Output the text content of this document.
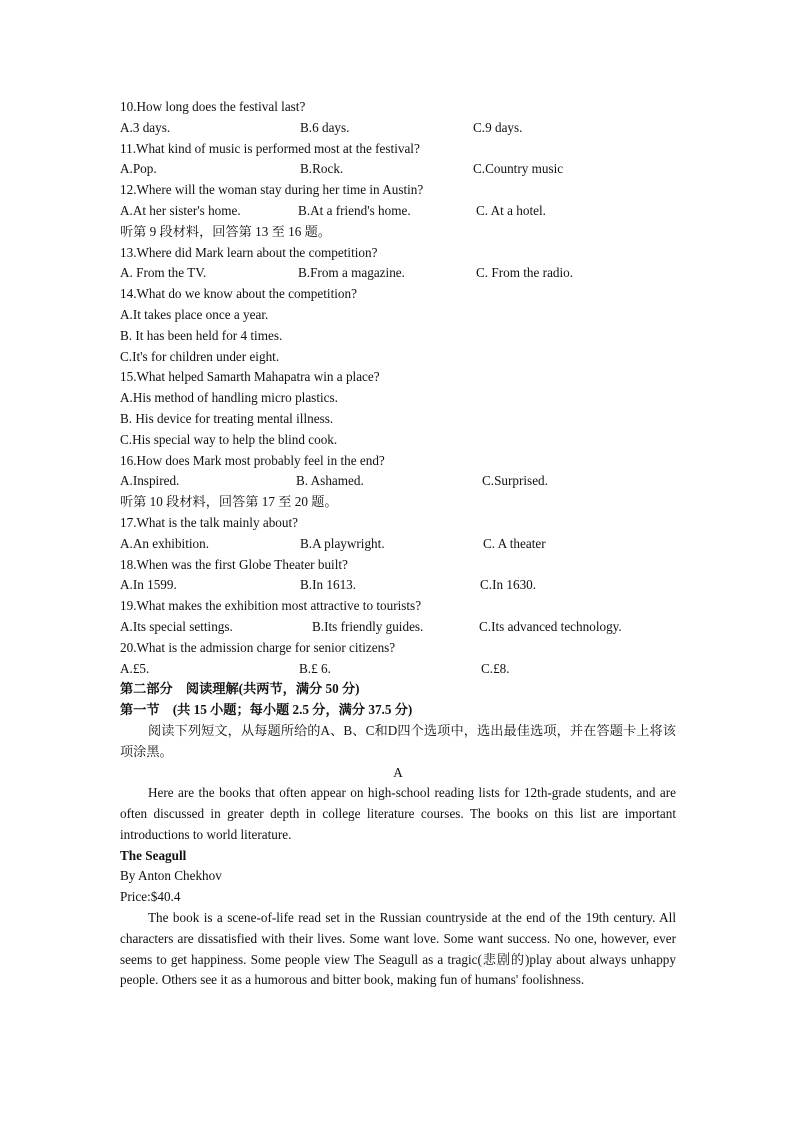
10.How long does the festival last?
A.3 days.	B.6 days.	C.9 days.
11.What kind of music is performed most at the festival?
A.Pop.	B.Rock.	C.Country music
12.Where will the woman stay during her time in Austin?
A.At her sister's home.	B.At a friend's home.	C. At a hotel.
听第 9 段材料，回答第 13 至 16 题。
13.Where did Mark learn about the competition?
A. From the TV.	B.From a magazine.	C. From the radio.
14.What do we know about the competition?
A.It takes place once a year.
B. It has been held for 4 times.
C.It's for children under eight.
15.What helped Samarth Mahapatra win a place?
A.His method of handling micro plastics.
B. His device for treating mental illness.
C.His special way to help the blind cook.
16.How does Mark most probably feel in the end?
A.Inspired.	B. Ashamed.	C.Surprised.
听第 10 段材料，回答第 17 至 20 题。
17.What is the talk mainly about?
A.An exhibition.	B.A playwright.	C. A theater
18.When was the first Globe Theater built?
A.In 1599.	B.In 1613.	C.In 1630.
19.What makes the exhibition most attractive to tourists?
A.Its special settings.	B.Its friendly guides.	C.Its advanced technology.
20.What is the admission charge for senior citizens?
A.£5.	B.£ 6.	C.£8.
第二部分　阅读理解(共两节，满分 50 分)
第一节　(共 15 小题；每小题 2.5 分，满分 37.5 分)
阅读下列短文，从每题所给的A、B、C和D四个选项中，选出最佳选项，并在答题卡上将该项涂黑。
A
Here are the books that often appear on high-school reading lists for 12th-grade students, and are often discussed in greater depth in college literature courses. The books on this list are important introductions to world literature.
The Seagull
By Anton Chekhov
Price:$40.4
The book is a scene-of-life read set in the Russian countryside at the end of the 19th century. All characters are dissatisfied with their lives. Some want love. Some want success. No one, however, ever seems to get happiness. Some people view The Seagull as a tragic(悲剧的)play about always unhappy people. Others see it as a humorous and bitter book, making fun of humans' foolishness.
